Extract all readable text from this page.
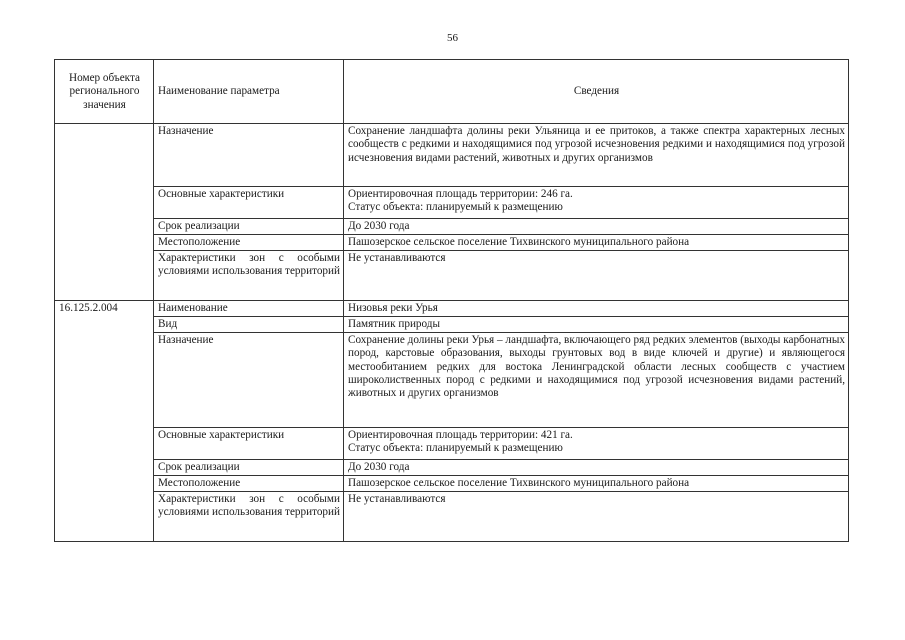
56
Номер объекта регионального значения	Наименование параметра	Сведения
	Назначение	Сохранение ландшафта долины реки Ульяница и ее притоков, а также спектра характерных лесных сообществ с редкими и находящимися под угрозой исчезновения редкими и находящимися под угрозой исчезновения видами растений, животных и других организмов
	Основные характеристики	Ориентировочная площадь территории: 246 га.
Статус объекта: планируемый к размещению

	Срок реализации	До 2030 года
	Местоположение	Пашозерское сельское поселение Тихвинского муниципального района
	Характеристики зон с особыми условиями использования территорий	Не устанавливаются
16.125.2.004	Наименование	Низовья реки Урья
	Вид	Памятник природы
	Назначение	Сохранение долины реки Урья – ландшафта, включающего ряд редких элементов (выходы карбонатных пород, карстовые образования, выходы грунтовых вод в виде ключей и другие) и являющегося местообитанием редких для востока Ленинградской области лесных сообществ с участием широколиственных пород с редкими и находящимися под угрозой исчезновения видами растений, животных и других организмов
	Основные характеристики	Ориентировочная площадь территории: 421 га.
Статус объекта: планируемый к размещению

	Срок реализации	До 2030 года
	Местоположение	Пашозерское сельское поселение Тихвинского муниципального района
	Характеристики зон с особыми условиями использования территорий	Не устанавливаются
